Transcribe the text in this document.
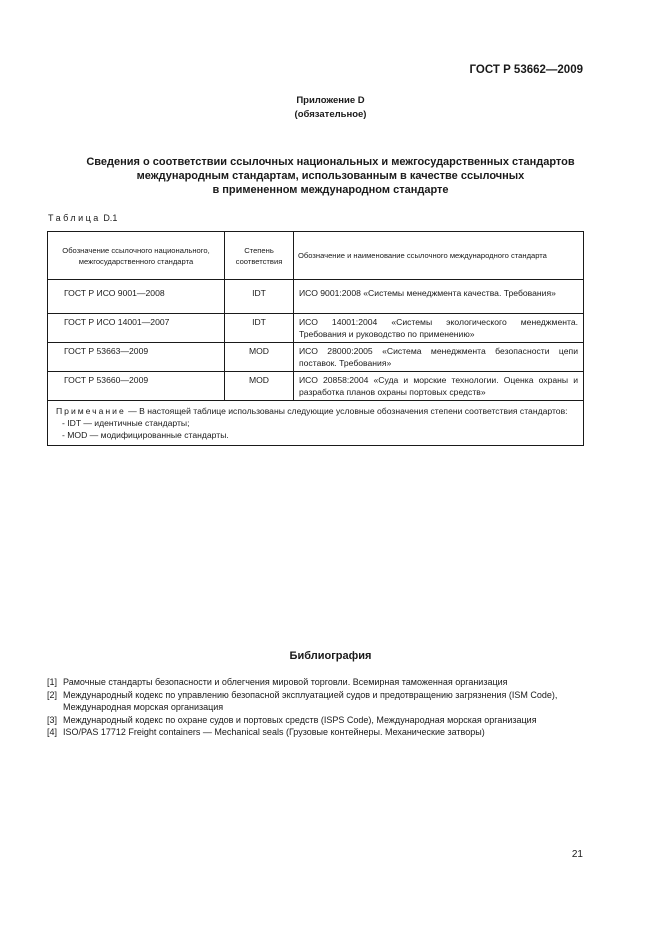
ГОСТ Р 53662—2009
Приложение D
(обязательное)
Сведения о соответствии ссылочных национальных и межгосударственных стандартов
международным стандартам, использованным в качестве ссылочных
в примененном международном стандарте
Таблица D.1
Обозначение ссылочного национального, межгосударственного стандарта	Степень соответствия	Обозначение и наименование ссылочного международного стандарта
ГОСТ Р ИСО 9001—2008	IDT	ИСО 9001:2008 «Системы менеджмента качества. Требования»
ГОСТ Р ИСО 14001—2007	IDT	ИСО 14001:2004 «Системы экологического менеджмента. Требования и руководство по применению»
ГОСТ Р 53663—2009	MOD	ИСО 28000:2005 «Система менеджмента безопасности цепи поставок. Требования»
ГОСТ Р 53660—2009	MOD	ИСО 20858:2004 «Суда и морские технологии. Оценка охраны и разработка планов охраны портовых средств»

Примечание — В настоящей таблице использованы следующие условные обозначения степени соответствия стандартов:
- IDT — идентичные стандарты;
- MOD — модифицированные стандарты.		
Библиография
[1] Рамочные стандарты безопасности и облегчения мировой торговли. Всемирная таможенная организация
[2] Международный кодекс по управлению безопасной эксплуатацией судов и предотвращению загрязнения (ISM Code), Международная морская организация
[3] Международный кодекс по охране судов и портовых средств (ISPS Code), Международная морская организация
[4] ISO/PAS 17712 Freight containers — Mechanical seals (Грузовые контейнеры. Механические затворы)
21
